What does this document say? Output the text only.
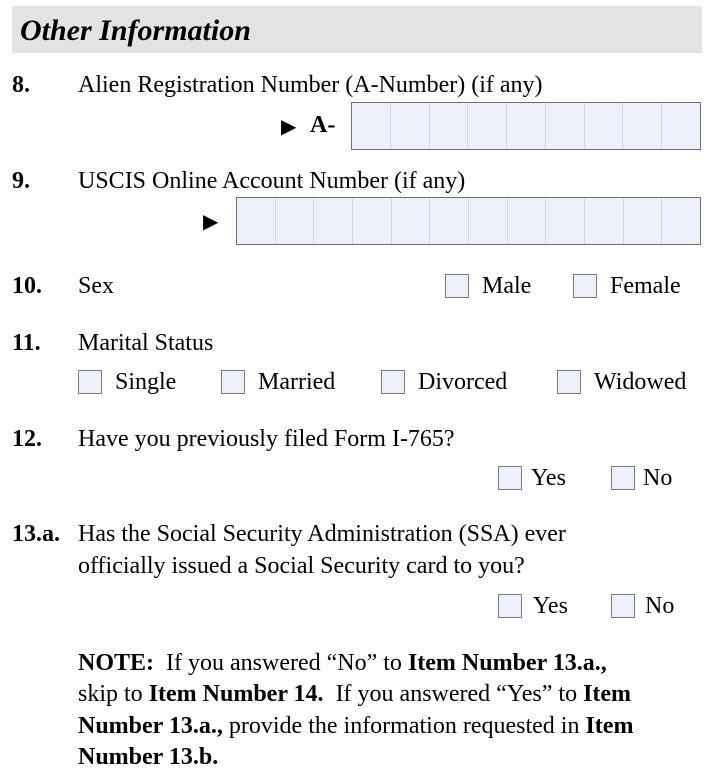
Other Information
8. Alien Registration Number (A-Number) (if any)
▶ A-
9. USCIS Online Account Number (if any)
▶
10. Sex	Male	Female
11. Marital Status
Single	Married	Divorced	Widowed
12. Have you previously filed Form I-765?
Yes	No
13.a. Has the Social Security Administration (SSA) ever
officially issued a Social Security card to you?
Yes	No
NOTE: If you answered “No” to Item Number 13.a.,
skip to Item Number 14. If you answered “Yes” to Item
Number 13.a., provide the information requested in Item
Number 13.b.
